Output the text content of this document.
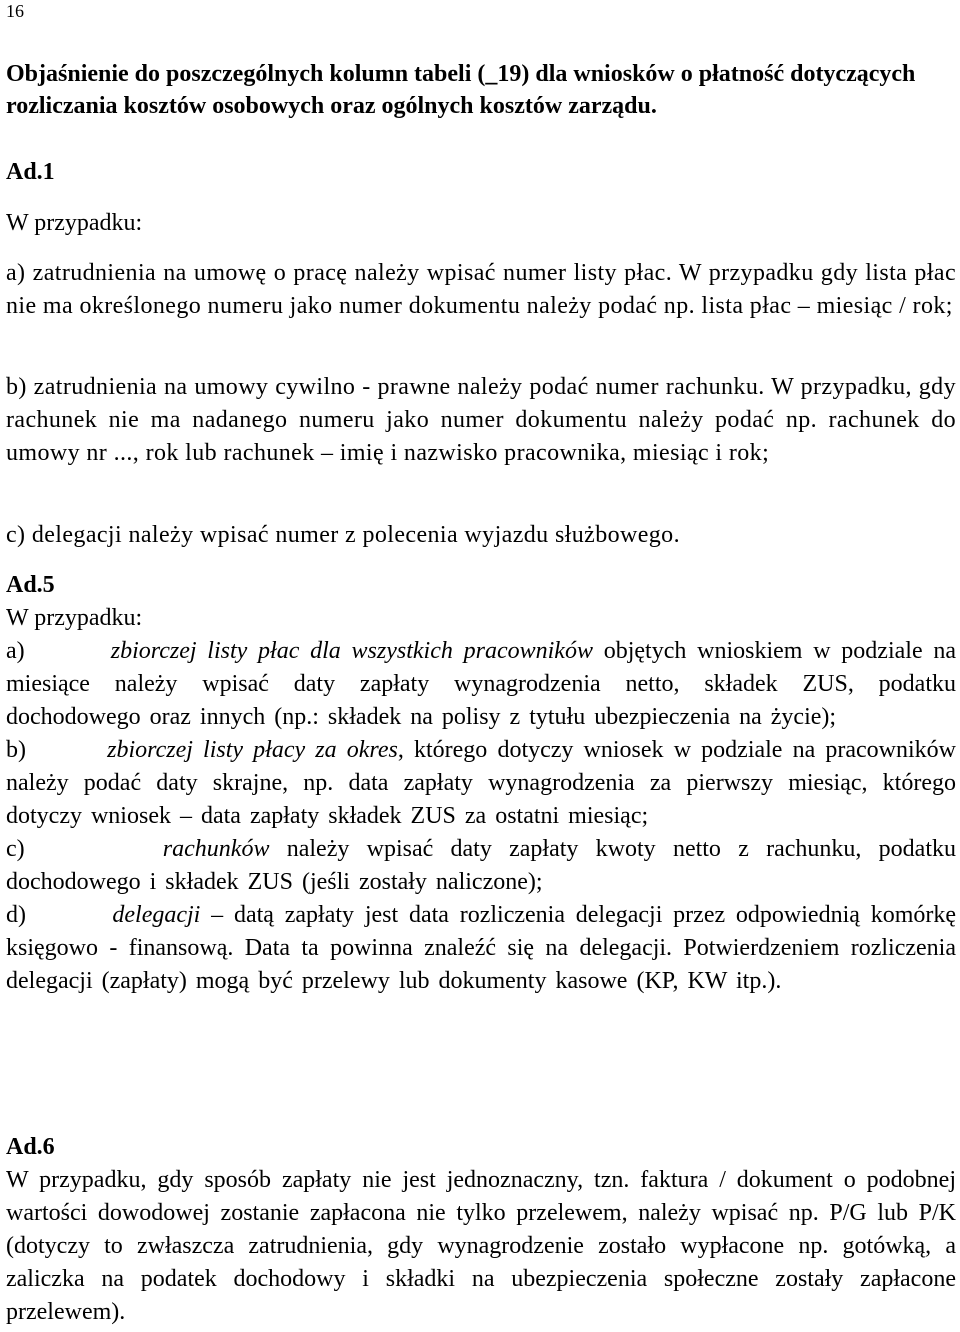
16

Objaśnienie do poszczególnych kolumn tabeli (_19) dla wniosków o płatność dotyczących rozliczania kosztów osobowych oraz ogólnych kosztów zarządu.

Ad.1

W przypadku:

a) zatrudnienia na umowę o pracę należy wpisać numer listy płac. W przypadku gdy lista płac nie ma określonego numeru jako numer dokumentu należy podać np. lista płac – miesiąc / rok;

b) zatrudnienia na umowy cywilno - prawne należy podać numer rachunku. W przypadku, gdy rachunek nie ma nadanego numeru jako numer dokumentu należy podać np. rachunek do umowy nr ..., rok lub rachunek – imię i nazwisko pracownika, miesiąc i rok;

c) delegacji należy wpisać numer z polecenia wyjazdu służbowego.

Ad.5

W przypadku:

a)	zbiorczej listy płac dla wszystkich pracowników objętych wnioskiem w podziale na miesiące należy wpisać daty zapłaty wynagrodzenia netto, składek ZUS, podatku dochodowego oraz innych (np.: składek na polisy z tytułu ubezpieczenia na życie);

b)	zbiorczej listy płacy za okres, którego dotyczy wniosek w podziale na pracowników należy podać daty skrajne, np. data zapłaty wynagrodzenia za pierwszy miesiąc, którego dotyczy wniosek – data zapłaty składek ZUS za ostatni miesiąc;

c)	rachunków należy wpisać daty zapłaty kwoty netto z rachunku, podatku dochodowego i składek ZUS (jeśli zostały naliczone);

d)	delegacji – datą zapłaty jest data rozliczenia delegacji przez odpowiednią komórkę księgowo - finansową. Data ta powinna znaleźć się na delegacji. Potwierdzeniem rozliczenia delegacji (zapłaty) mogą być przelewy lub dokumenty kasowe (KP, KW itp.).

Ad.6

W przypadku, gdy sposób zapłaty nie jest jednoznaczny, tzn. faktura / dokument o podobnej wartości dowodowej zostanie zapłacona nie tylko przelewem, należy wpisać np. P/G lub P/K (dotyczy to zwłaszcza zatrudnienia, gdy wynagrodzenie zostało wypłacone np. gotówką, a zaliczka na podatek dochodowy i składki na ubezpieczenia społeczne zostały zapłacone przelewem).
